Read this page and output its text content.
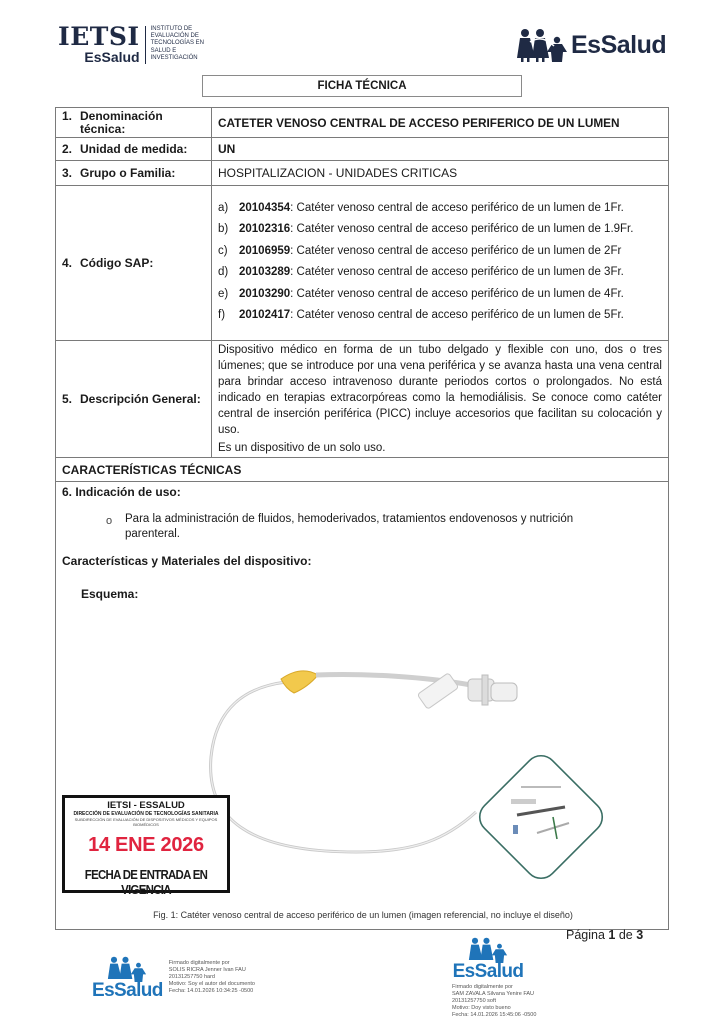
IETSI
EsSalud
INSTITUTO DE
EVALUACIÓN DE
TECNOLOGÍAS EN
SALUD E
INVESTIGACIÓN	EsSalud
FICHA TÉCNICA
1. Denominación técnica:	CATETER VENOSO CENTRAL DE ACCESO PERIFERICO DE UN LUMEN
2. Unidad de medida:	UN
3. Grupo o Familia:	HOSPITALIZACION - UNIDADES CRITICAS
4. Código SAP:	
a) 20104354: Catéter venoso central de acceso periférico de un lumen de 1Fr.
b) 20102316: Catéter venoso central de acceso periférico de un lumen de 1.9Fr.
c) 20106959: Catéter venoso central de acceso periférico de un lumen de 2Fr
d) 20103289: Catéter venoso central de acceso periférico de un lumen de 3Fr.
e) 20103290: Catéter venoso central de acceso periférico de un lumen de 4Fr.
f)	20102417: Catéter venoso central de acceso periférico de un lumen de 5Fr.

5. Descripción General:	Dispositivo médico en forma de un tubo delgado y flexible con uno, dos o tres lúmenes; que se introduce por una vena periférica y se avanza hasta una vena central para brindar acceso intravenoso durante periodos cortos o prolongados. No está indicado en terapias extracorpóreas como la hemodiálisis. Se conoce como catéter central de inserción periférica (PICC) incluye accesorios que facilitan su colocación y uso.
Es un dispositivo de un solo uso.

CARACTERÍSTICAS TÉCNICAS	

6. Indicación de uso:
o Para la administración de fluidos, hemoderivados, tratamientos endovenosos y nutrición parenteral.
Características y Materiales del dispositivo:
Esquema:
Fig. 1: Catéter venoso central de acceso periférico de un lumen (imagen referencial, no incluye el diseño)
IETSI - ESSALUD
DIRECCIÓN DE EVALUACIÓN DE TECNOLOGÍAS SANITARIA
SUBDIRECCIÓN DE EVALUACIÓN DE DISPOSITIVOS MÉDICOS Y EQUIPOS BIOMÉDICOS
14 ENE 2026
FECHA DE ENTRADA EN VIGENCIA
Página 1 de 3
EsSalud
Firmado digitalmente por
SOLIS RICRA Jenner Ivan FAU
20131257750 hard
Motivo: Soy el autor del documento
Fecha: 14.01.2026 10:34:25 -0500
EsSalud
Firmado digitalmente por
SAM ZAVALA Silvana Yenire FAU
20131257750 soft
Motivo: Doy visto bueno
Fecha: 14.01.2026 15:45:06 -0500
